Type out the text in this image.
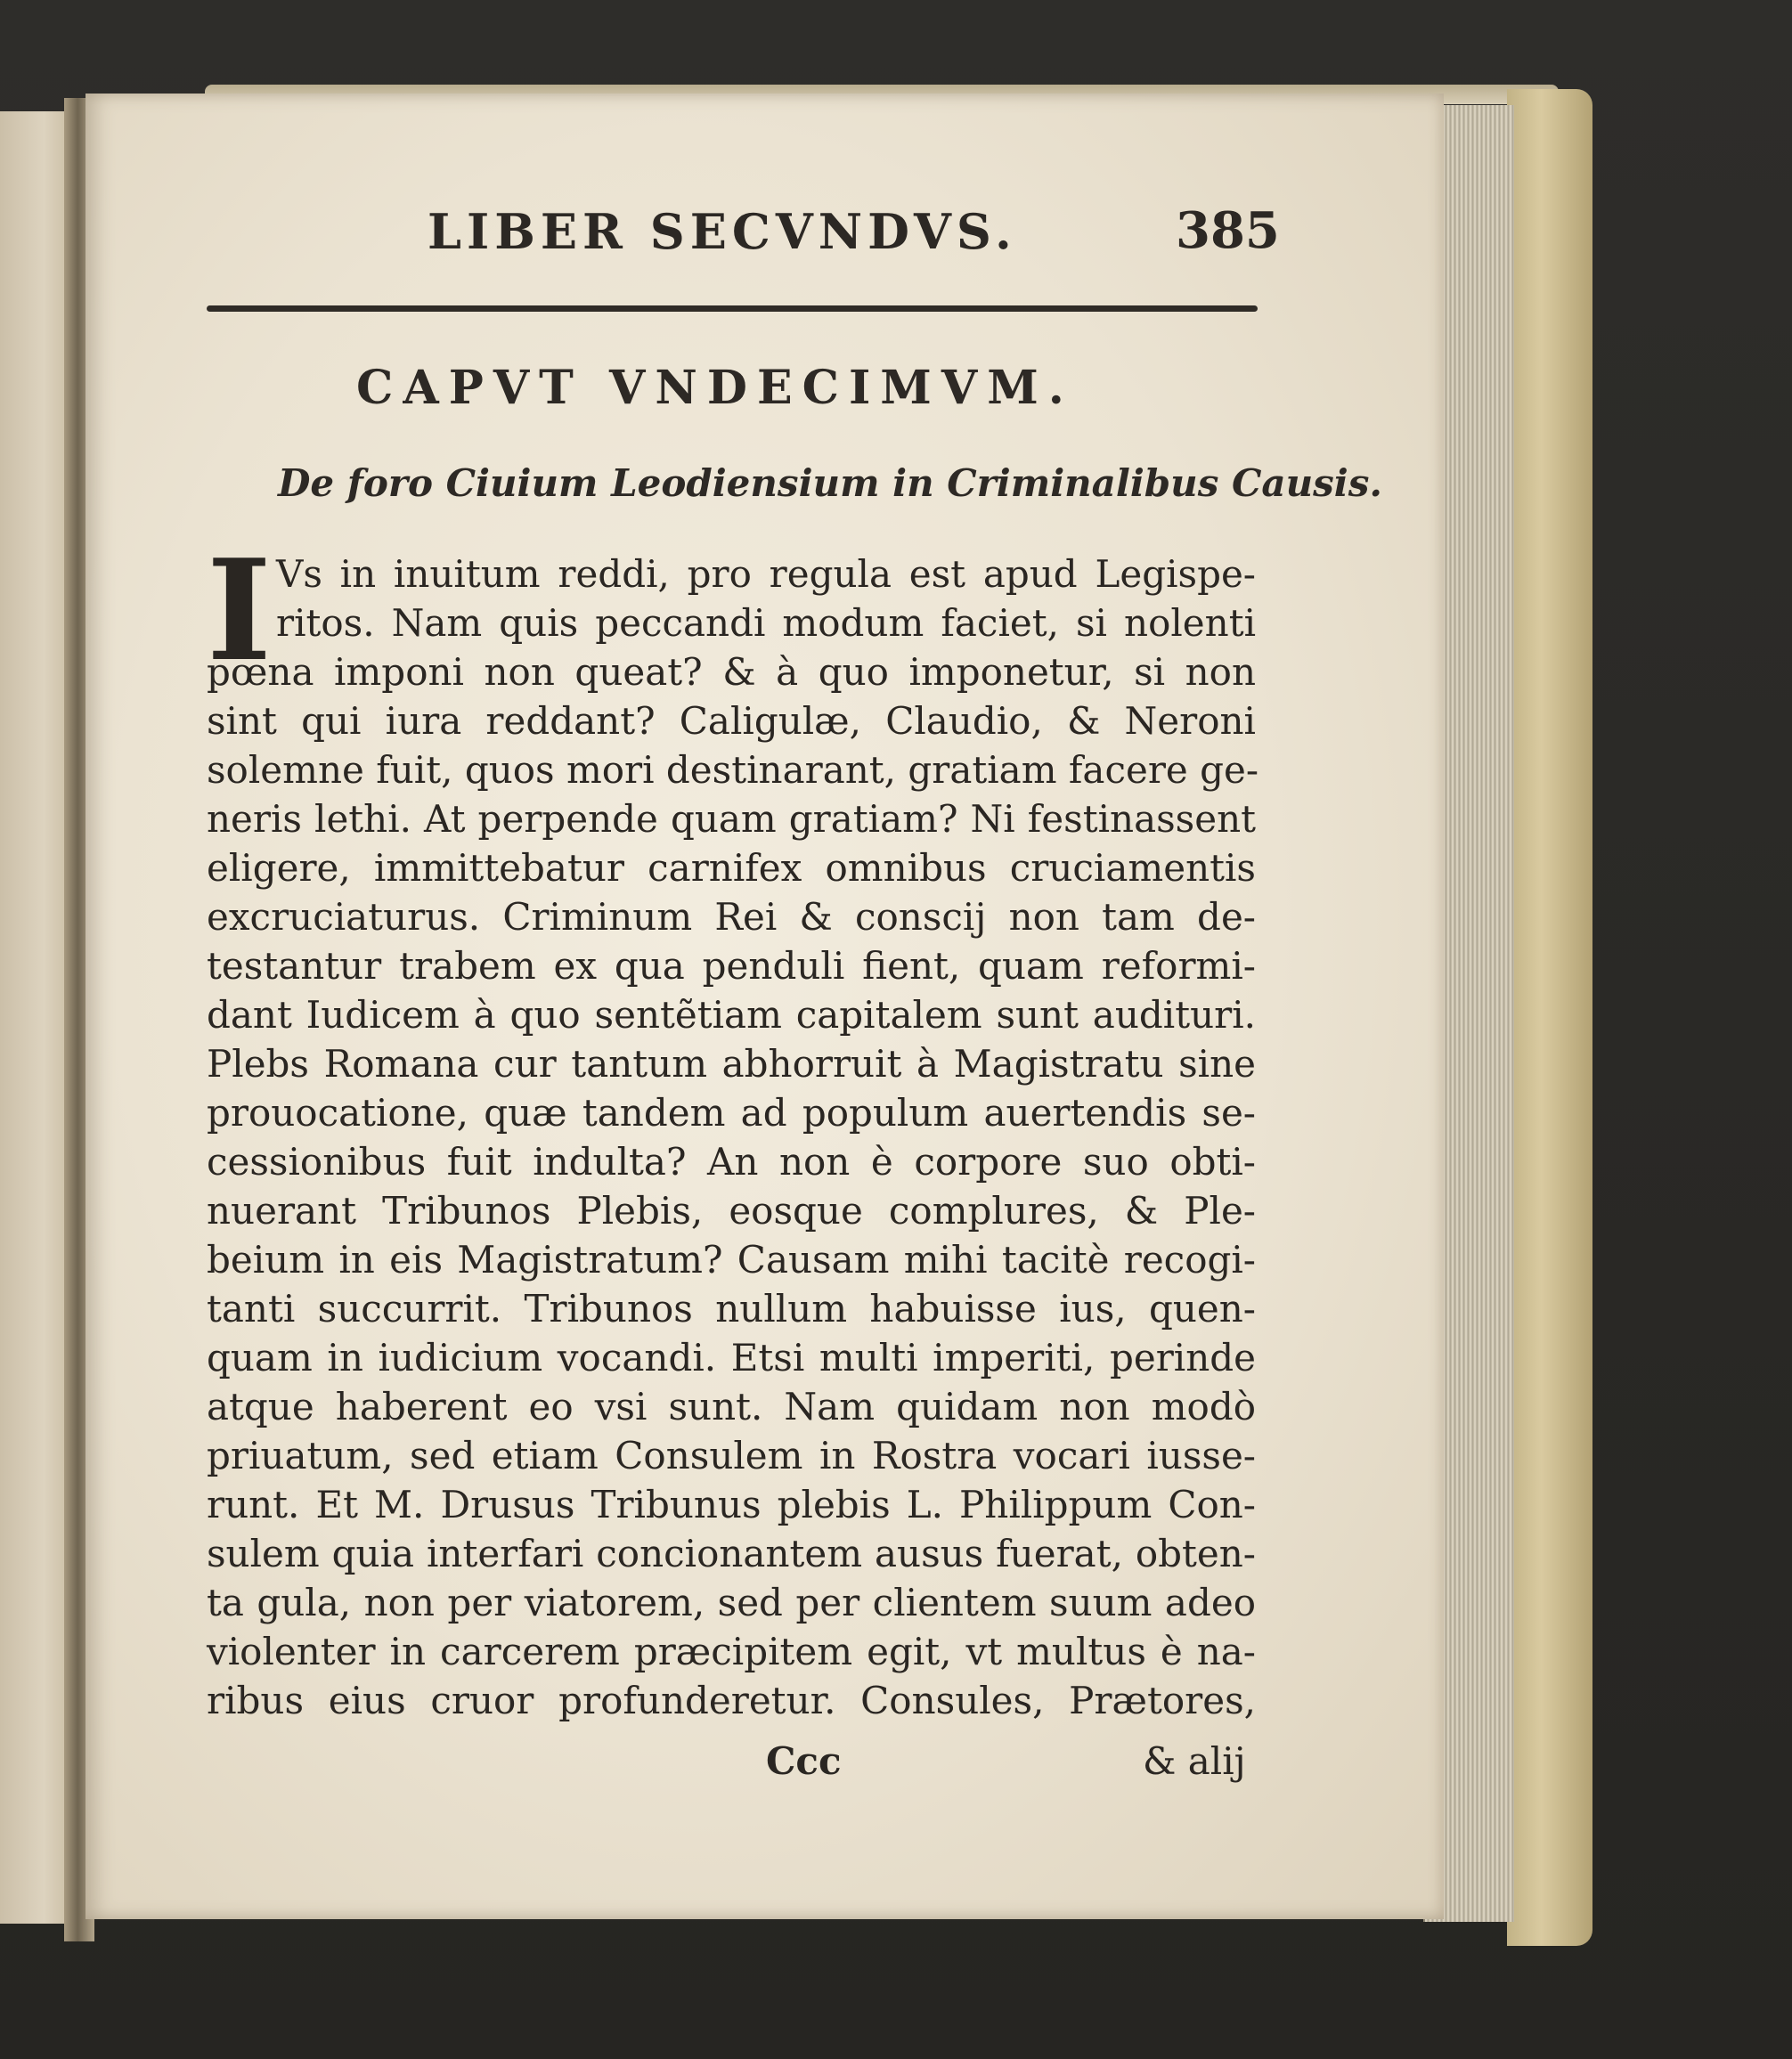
LIBER SECVNDVS.	385
CAPVT VNDECIMVM.
De foro Ciuium Leodiensium in Criminalibus Causis.
I Vs in inuitum reddi, pro regula est apud Legispe-
ritos. Nam quis peccandi modum faciet, si nolenti
pœna imponi non queat? & à quo imponetur, si non
sint qui iura reddant? Caligulæ, Claudio, & Neroni
solemne fuit, quos mori destinarant, gratiam facere ge-
neris lethi. At perpende quam gratiam? Ni festinassent
eligere, immittebatur carnifex omnibus cruciamentis
excruciaturus. Criminum Rei & conscij non tam de-
testantur trabem ex qua penduli fient, quam reformi-
dant Iudicem à quo sentẽtiam capitalem sunt audituri.
Plebs Romana cur tantum abhorruit à Magistratu sine
prouocatione, quæ tandem ad populum auertendis se-
cessionibus fuit indulta? An non è corpore suo obti-
nuerant Tribunos Plebis, eosque complures, & Ple-
beium in eis Magistratum? Causam mihi tacitè recogi-
tanti succurrit. Tribunos nullum habuisse ius, quen-
quam in iudicium vocandi. Etsi multi imperiti, perinde
atque haberent eo vsi sunt. Nam quidam non modò
priuatum, sed etiam Consulem in Rostra vocari iusse-
runt. Et M. Drusus Tribunus plebis L. Philippum Con-
sulem quia interfari concionantem ausus fuerat, obten-
ta gula, non per viatorem, sed per clientem suum adeo
violenter in carcerem præcipitem egit, vt multus è na-
ribus eius cruor profunderetur. Consules, Prætores,
Ccc	& alij
